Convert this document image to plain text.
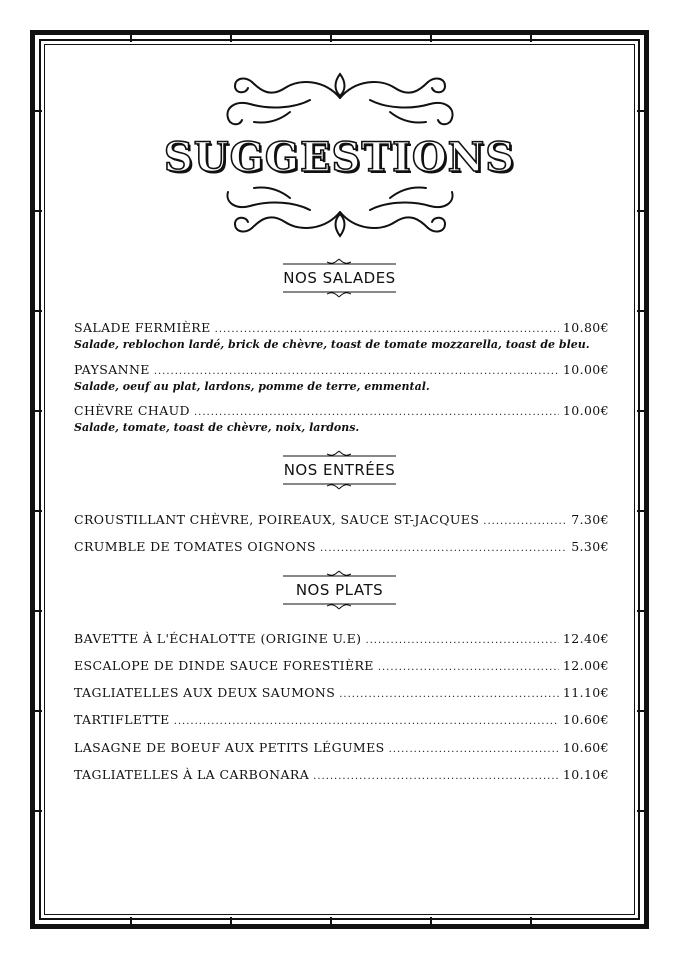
SUGGESTIONS
NOS SALADES
SALADE FERMIÈRE .....	10.80€
Salade, reblochon lardé, brick de chèvre, toast de tomate mozzarella, toast de bleu.
PAYSANNE .....	10.00€
Salade, oeuf au plat, lardons, pomme de terre, emmental.
CHÈVRE CHAUD .....	10.00€
Salade, tomate, toast de chèvre, noix, lardons.
NOS ENTRÉES
CROUSTILLANT CHÈVRE, POIREAUX, SAUCE ST-JACQUES .....	7.30€
CRUMBLE DE TOMATES OIGNONS .....	5.30€
NOS PLATS
BAVETTE À L'ÉCHALOTTE (ORIGINE U.E) .....	12.40€
ESCALOPE DE DINDE SAUCE FORESTIÈRE .....	12.00€
TAGLIATELLES AUX DEUX SAUMONS .....	11.10€
TARTIFLETTE .....	10.60€
LASAGNE DE BOEUF AUX PETITS LÉGUMES .....	10.60€
TAGLIATELLES À LA CARBONARA .....	10.10€
